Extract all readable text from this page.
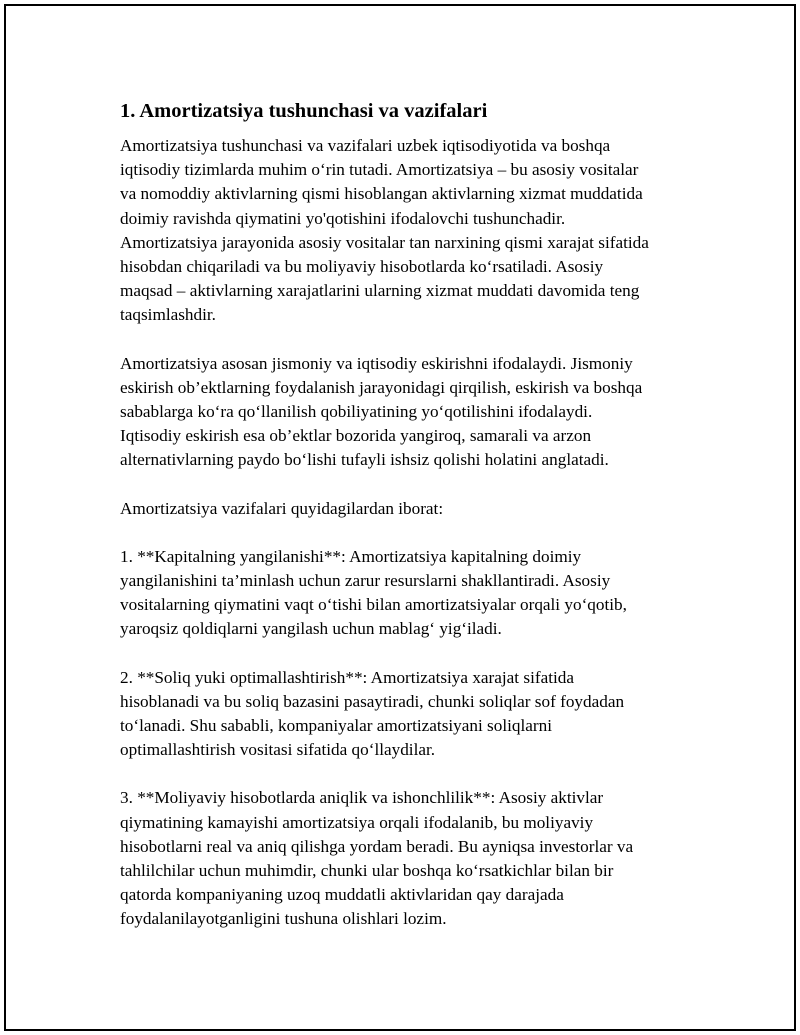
1. Amortizatsiya tushunchasi va vazifalari

Amortizatsiya tushunchasi va vazifalari uzbek iqtisodiyotida va boshqa
iqtisodiy tizimlarda muhim o‘rin tutadi. Amortizatsiya – bu asosiy vositalar
va nomoddiy aktivlarning qismi hisoblangan aktivlarning xizmat muddatida
doimiy ravishda qiymatini yo'qotishini ifodalovchi tushunchadir.
Amortizatsiya jarayonida asosiy vositalar tan narxining qismi xarajat sifatida
hisobdan chiqariladi va bu moliyaviy hisobotlarda ko‘rsatiladi. Asosiy
maqsad – aktivlarning xarajatlarini ularning xizmat muddati davomida teng
taqsimlashdir.

Amortizatsiya asosan jismoniy va iqtisodiy eskirishni ifodalaydi. Jismoniy
eskirish ob’ektlarning foydalanish jarayonidagi qirqilish, eskirish va boshqa
sabablarga ko‘ra qo‘llanilish qobiliyatining yo‘qotilishini ifodalaydi.
Iqtisodiy eskirish esa ob’ektlar bozorida yangiroq, samarali va arzon
alternativlarning paydo bo‘lishi tufayli ishsiz qolishi holatini anglatadi.

Amortizatsiya vazifalari quyidagilardan iborat:

1. **Kapitalning yangilanishi**: Amortizatsiya kapitalning doimiy
yangilanishini ta’minlash uchun zarur resurslarni shakllantiradi. Asosiy
vositalarning qiymatini vaqt o‘tishi bilan amortizatsiyalar orqali yo‘qotib,
yaroqsiz qoldiqlarni yangilash uchun mablag‘ yig‘iladi.

2. **Soliq yuki optimallashtirish**: Amortizatsiya xarajat sifatida
hisoblanadi va bu soliq bazasini pasaytiradi, chunki soliqlar sof foydadan
to‘lanadi. Shu sababli, kompaniyalar amortizatsiyani soliqlarni
optimallashtirish vositasi sifatida qo‘llaydilar.

3. **Moliyaviy hisobotlarda aniqlik va ishonchlilik**: Asosiy aktivlar
qiymatining kamayishi amortizatsiya orqali ifodalanib, bu moliyaviy
hisobotlarni real va aniq qilishga yordam beradi. Bu ayniqsa investorlar va
tahlilchilar uchun muhimdir, chunki ular boshqa ko‘rsatkichlar bilan bir
qatorda kompaniyaning uzoq muddatli aktivlaridan qay darajada
foydalanilayotganligini tushuna olishlari lozim.
